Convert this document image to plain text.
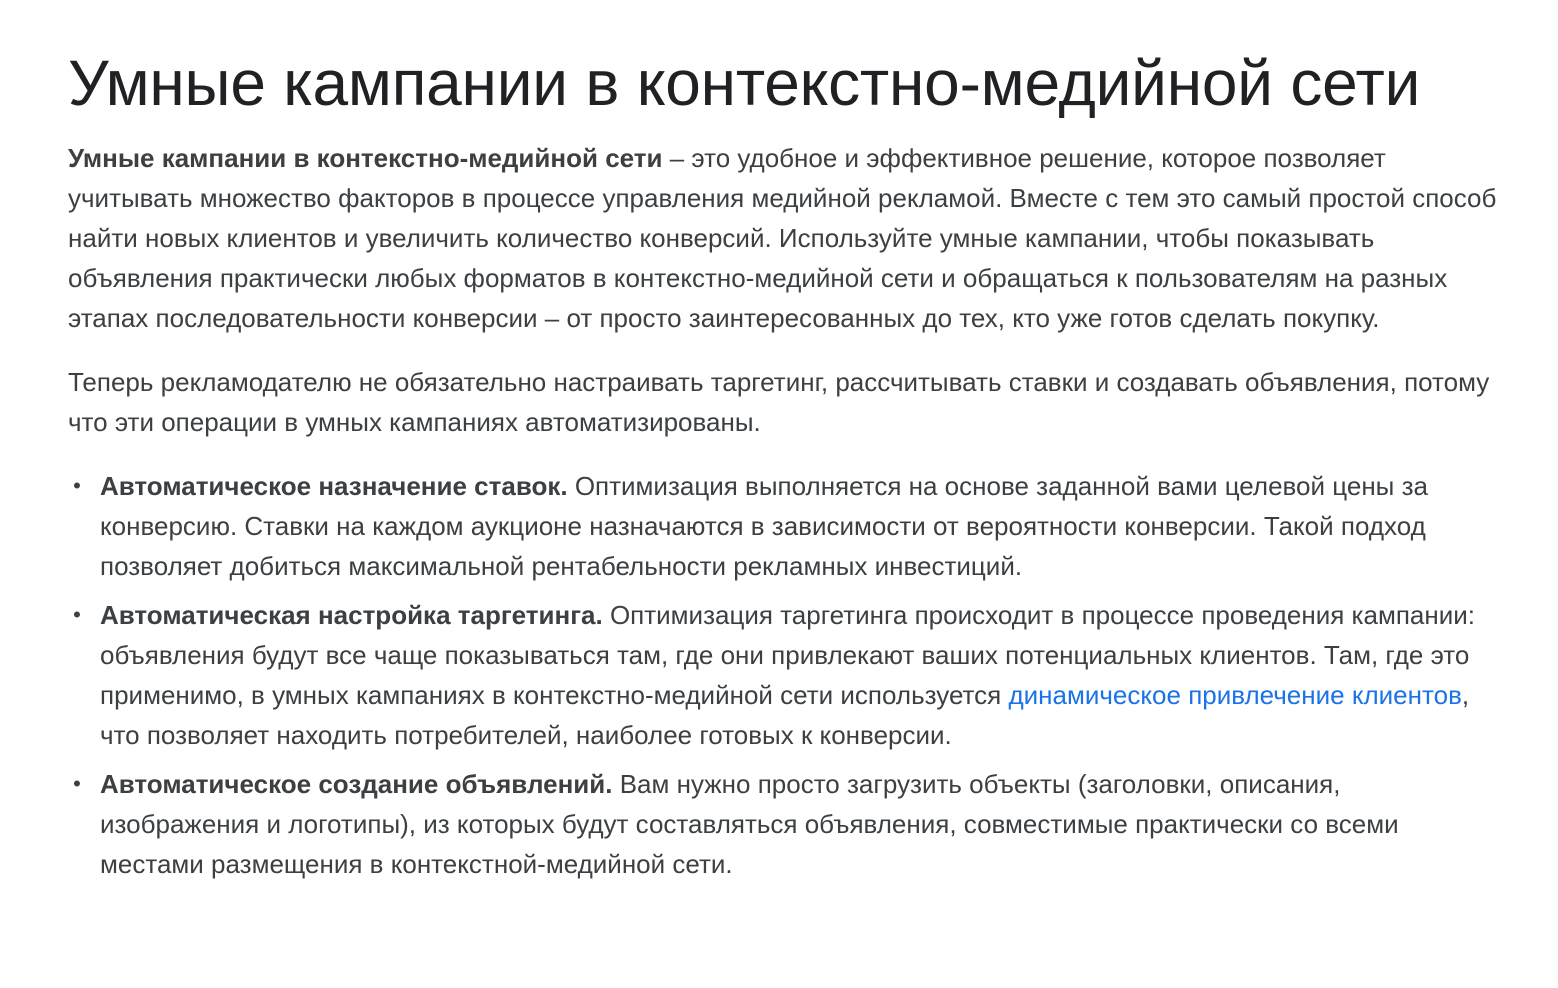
Умные кампании в контекстно-медийной сети

Умные кампании в контекстно-медийной сети – это удобное и эффективное решение, которое позволяет учитывать множество факторов в процессе управления медийной рекламой. Вместе с тем это самый простой способ найти новых клиентов и увеличить количество конверсий. Используйте умные кампании, чтобы показывать объявления практически любых форматов в контекстно-медийной сети и обращаться к пользователям на разных этапах последовательности конверсии – от просто заинтересованных до тех, кто уже готов сделать покупку.

Теперь рекламодателю не обязательно настраивать таргетинг, рассчитывать ставки и создавать объявления, потому что эти операции в умных кампаниях автоматизированы.

• Автоматическое назначение ставок. Оптимизация выполняется на основе заданной вами целевой цены за конверсию. Ставки на каждом аукционе назначаются в зависимости от вероятности конверсии. Такой подход позволяет добиться максимальной рентабельности рекламных инвестиций.
• Автоматическая настройка таргетинга. Оптимизация таргетинга происходит в процессе проведения кампании: объявления будут все чаще показываться там, где они привлекают ваших потенциальных клиентов. Там, где это применимо, в умных кампаниях в контекстно-медийной сети используется динамическое привлечение клиентов, что позволяет находить потребителей, наиболее готовых к конверсии.
• Автоматическое создание объявлений. Вам нужно просто загрузить объекты (заголовки, описания, изображения и логотипы), из которых будут составляться объявления, совместимые практически со всеми местами размещения в контекстной-медийной сети.
